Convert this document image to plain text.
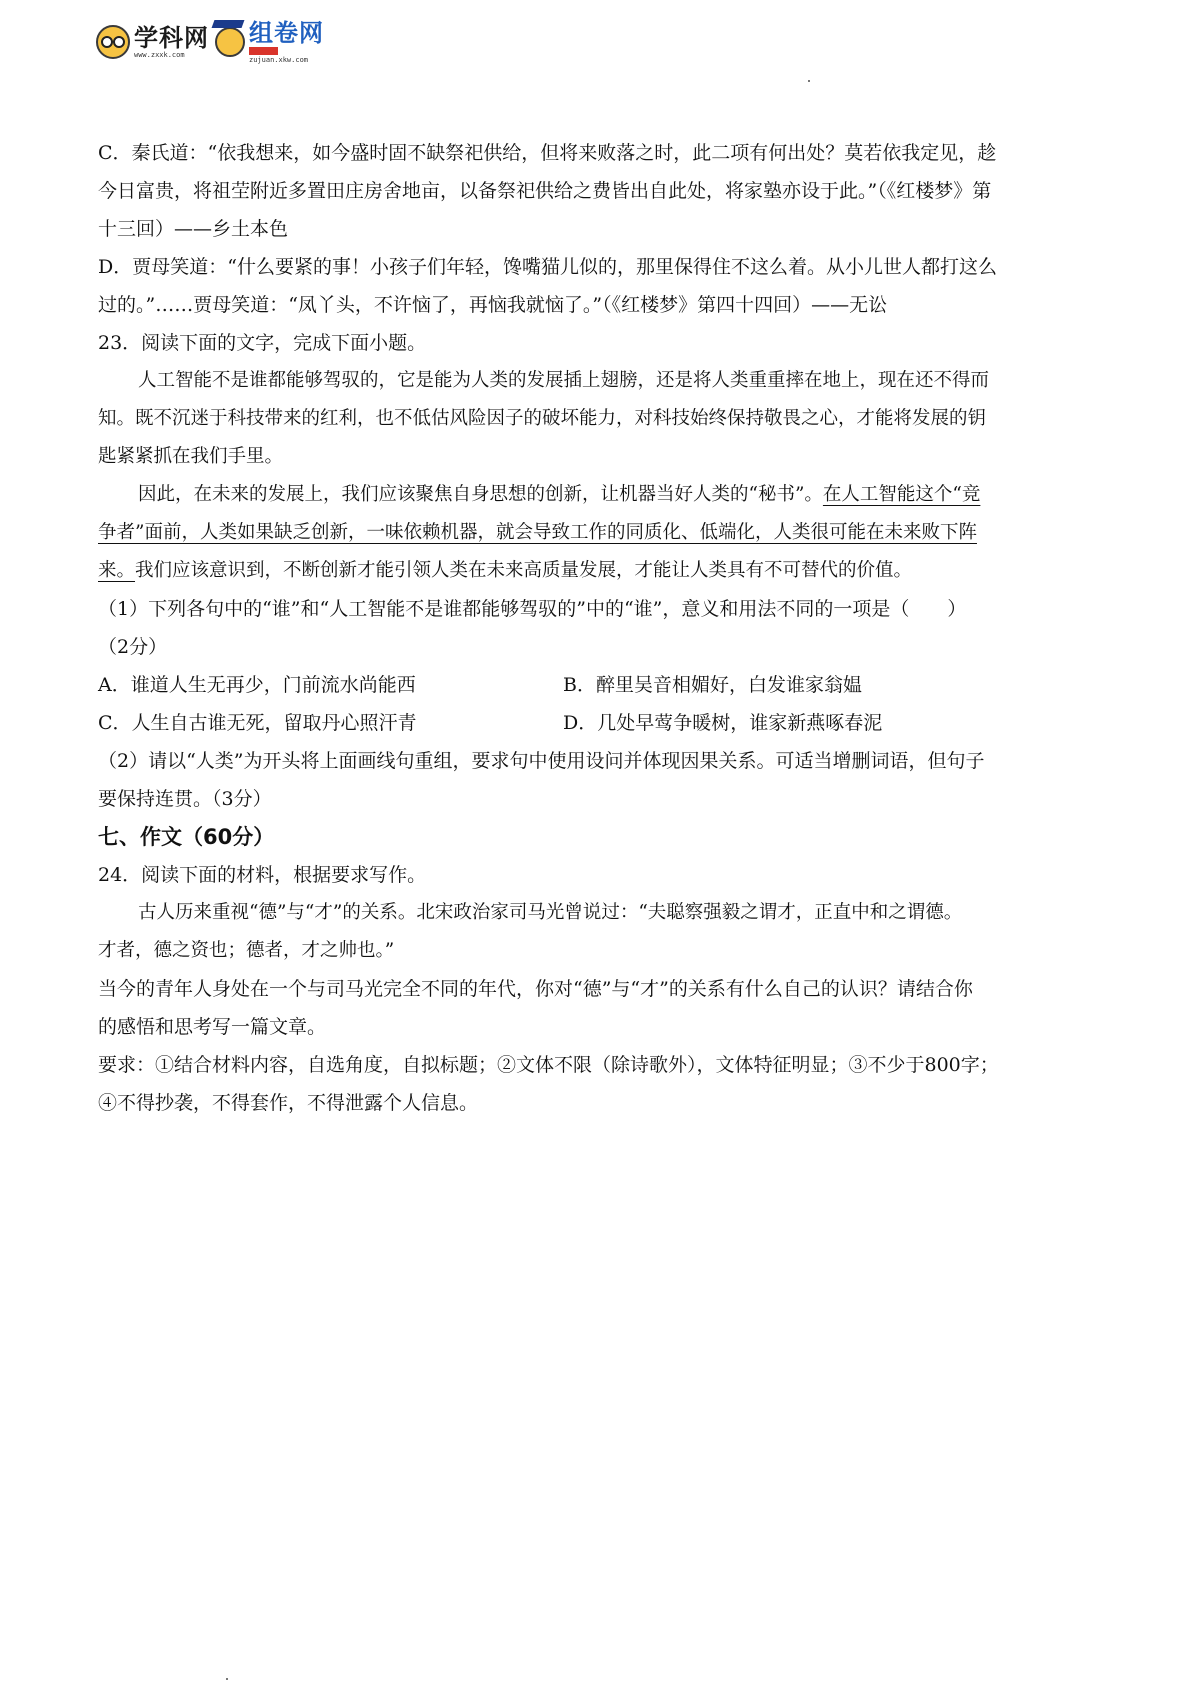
学科网
www.zxxk.com
组卷网

zujuan.xkw.com
C．秦氏道：“依我想来，如今盛时固不缺祭祀供给，但将来败落之时，此二项有何出处？莫若依我定见，趁
今日富贵，将祖茔附近多置田庄房舍地亩，以备祭祀供给之费皆出自此处，将家塾亦设于此。”（《红楼梦》第
十三回）——乡土本色
D．贾母笑道：“什么要紧的事！小孩子们年轻，馋嘴猫儿似的，那里保得住不这么着。从小儿世人都打这么
过的。”……贾母笑道：“凤丫头，不许恼了，再恼我就恼了。”（《红楼梦》第四十四回）——无讼
23．阅读下面的文字，完成下面小题。
人工智能不是谁都能够驾驭的，它是能为人类的发展插上翅膀，还是将人类重重摔在地上，现在还不得而
知。既不沉迷于科技带来的红利，也不低估风险因子的破坏能力，对科技始终保持敬畏之心，才能将发展的钥
匙紧紧抓在我们手里。
因此，在未来的发展上，我们应该聚焦自身思想的创新，让机器当好人类的“秘书”。在人工智能这个“竞
争者”面前，人类如果缺乏创新，一味依赖机器，就会导致工作的同质化、低端化，人类很可能在未来败下阵
来。我们应该意识到，不断创新才能引领人类在未来高质量发展，才能让人类具有不可替代的价值。
（1）下列各句中的“谁”和“人工智能不是谁都能够驾驭的”中的“谁”，意义和用法不同的一项是（　　）
（2分）
A．谁道人生无再少，门前流水尚能西	B．醉里吴音相媚好，白发谁家翁媪
C．人生自古谁无死，留取丹心照汗青	D．几处早莺争暖树，谁家新燕啄春泥
（2）请以“人类”为开头将上面画线句重组，要求句中使用设问并体现因果关系。可适当增删词语，但句子
要保持连贯。（3分）
七、作文（60分）
24．阅读下面的材料，根据要求写作。
古人历来重视“德”与“才”的关系。北宋政治家司马光曾说过：“夫聪察强毅之谓才，正直中和之谓德。
才者，德之资也；德者，才之帅也。”
当今的青年人身处在一个与司马光完全不同的年代，你对“德”与“才”的关系有什么自己的认识？请结合你
的感悟和思考写一篇文章。
要求：①结合材料内容，自选角度，自拟标题；②文体不限（除诗歌外），文体特征明显；③不少于800字；
④不得抄袭，不得套作，不得泄露个人信息。
